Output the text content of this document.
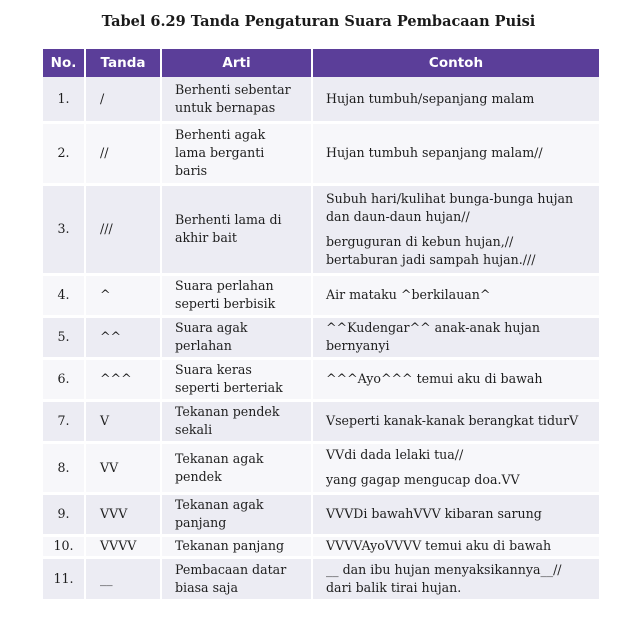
Tabel 6.29 Tanda Pengaturan Suara Pembacaan Puisi
No.	Tanda	Arti	Contoh
1.	/	Berhenti sebentar
untuk bernapas	Hujan tumbuh/sepanjang malam

2.	//	Berhenti agak
lama berganti
baris	Hujan tumbuh sepanjang malam//

3.	///	Berhenti lama di
akhir bait	Subuh hari/kulihat bunga-bunga hujan
dan daun-daun hujan//
berguguran di kebun hujan,//
bertaburan jadi sampah hujan.///

4.	^	Suara perlahan
seperti berbisik	Air mataku ^berkilauan^

5.	^^	Suara agak
perlahan	^^Kudengar^^ anak-anak hujan
bernyanyi

6.	^^^	Suara keras
seperti berteriak	^^^Ayo^^^ temui aku di bawah

7.	V	Tekanan pendek
sekali	Vseperti kanak-kanak berangkat tidurV

8.	VV	Tekanan agak
pendek	VVdi dada lelaki tua//
yang gagap mengucap doa.VV

9.	VVV	Tekanan agak
panjang	VVVDi bawahVVV kibaran sarung

10.	VVVV	Tekanan panjang	VVVVAyoVVVV temui aku di bawah

11.	__	Pembacaan datar
biasa saja	__ dan ibu hujan menyaksikannya__//
dari balik tirai hujan.
